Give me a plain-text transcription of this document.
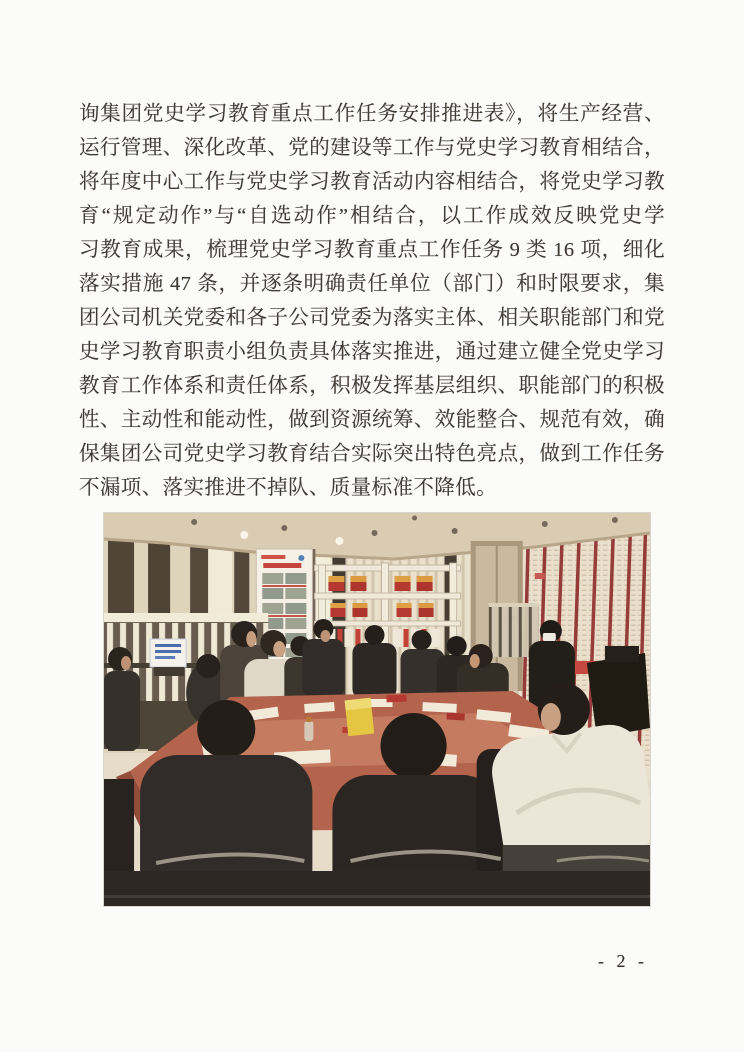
询集团党史学习教育重点工作任务安排推进表》，将生产经营、
运行管理、深化改革、党的建设等工作与党史学习教育相结合，
将年度中心工作与党史学习教育活动内容相结合，将党史学习教
育“规定动作”与“自选动作”相结合，以工作成效反映党史学
习教育成果，梳理党史学习教育重点工作任务 9 类 16 项，细化
落实措施 47 条，并逐条明确责任单位（部门）和时限要求，集
团公司机关党委和各子公司党委为落实主体、相关职能部门和党
史学习教育职责小组负责具体落实推进，通过建立健全党史学习
教育工作体系和责任体系，积极发挥基层组织、职能部门的积极
性、主动性和能动性，做到资源统筹、效能整合、规范有效，确
保集团公司党史学习教育结合实际突出特色亮点，做到工作任务
不漏项、落实推进不掉队、质量标准不降低。
- 2 -
